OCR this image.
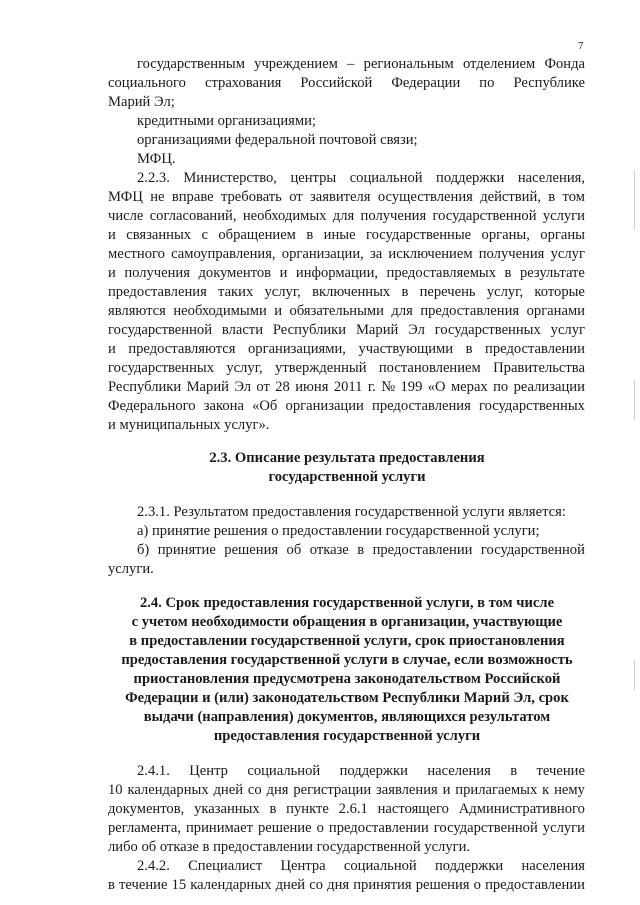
7
государственным учреждением – региональным отделением Фонда
социального страхования Российской Федерации по Республике
Марий Эл;
кредитными организациями;
организациями федеральной почтовой связи;
МФЦ.
2.2.3. Министерство, центры социальной поддержки населения,
МФЦ не вправе требовать от заявителя осуществления действий, в том
числе согласований, необходимых для получения государственной услуги
и связанных с обращением в иные государственные органы, органы
местного самоуправления, организации, за исключением получения услуг
и получения документов и информации, предоставляемых в результате
предоставления таких услуг, включенных в перечень услуг, которые
являются необходимыми и обязательными для предоставления органами
государственной власти Республики Марий Эл государственных услуг
и предоставляются организациями, участвующими в предоставлении
государственных услуг, утвержденный постановлением Правительства
Республики Марий Эл от 28 июня 2011 г. № 199 «О мерах по реализации
Федерального закона «Об организации предоставления государственных
и муниципальных услуг».
2.3. Описание результата предоставления
государственной услуги
2.3.1. Результатом предоставления государственной услуги является:
а) принятие решения о предоставлении государственной услуги;
б) принятие решения об отказе в предоставлении государственной
услуги.
2.4. Срок предоставления государственной услуги, в том числе
с учетом необходимости обращения в организации, участвующие
в предоставлении государственной услуги, срок приостановления
предоставления государственной услуги в случае, если возможность
приостановления предусмотрена законодательством Российской
Федерации и (или) законодательством Республики Марий Эл, срок
выдачи (направления) документов, являющихся результатом
предоставления государственной услуги
2.4.1. Центр социальной поддержки населения в течение
10 календарных дней со дня регистрации заявления и прилагаемых к нему
документов, указанных в пункте 2.6.1 настоящего Административного
регламента, принимает решение о предоставлении государственной услуги
либо об отказе в предоставлении государственной услуги.
2.4.2. Специалист Центра социальной поддержки населения
в течение 15 календарных дней со дня принятия решения о предоставлении
